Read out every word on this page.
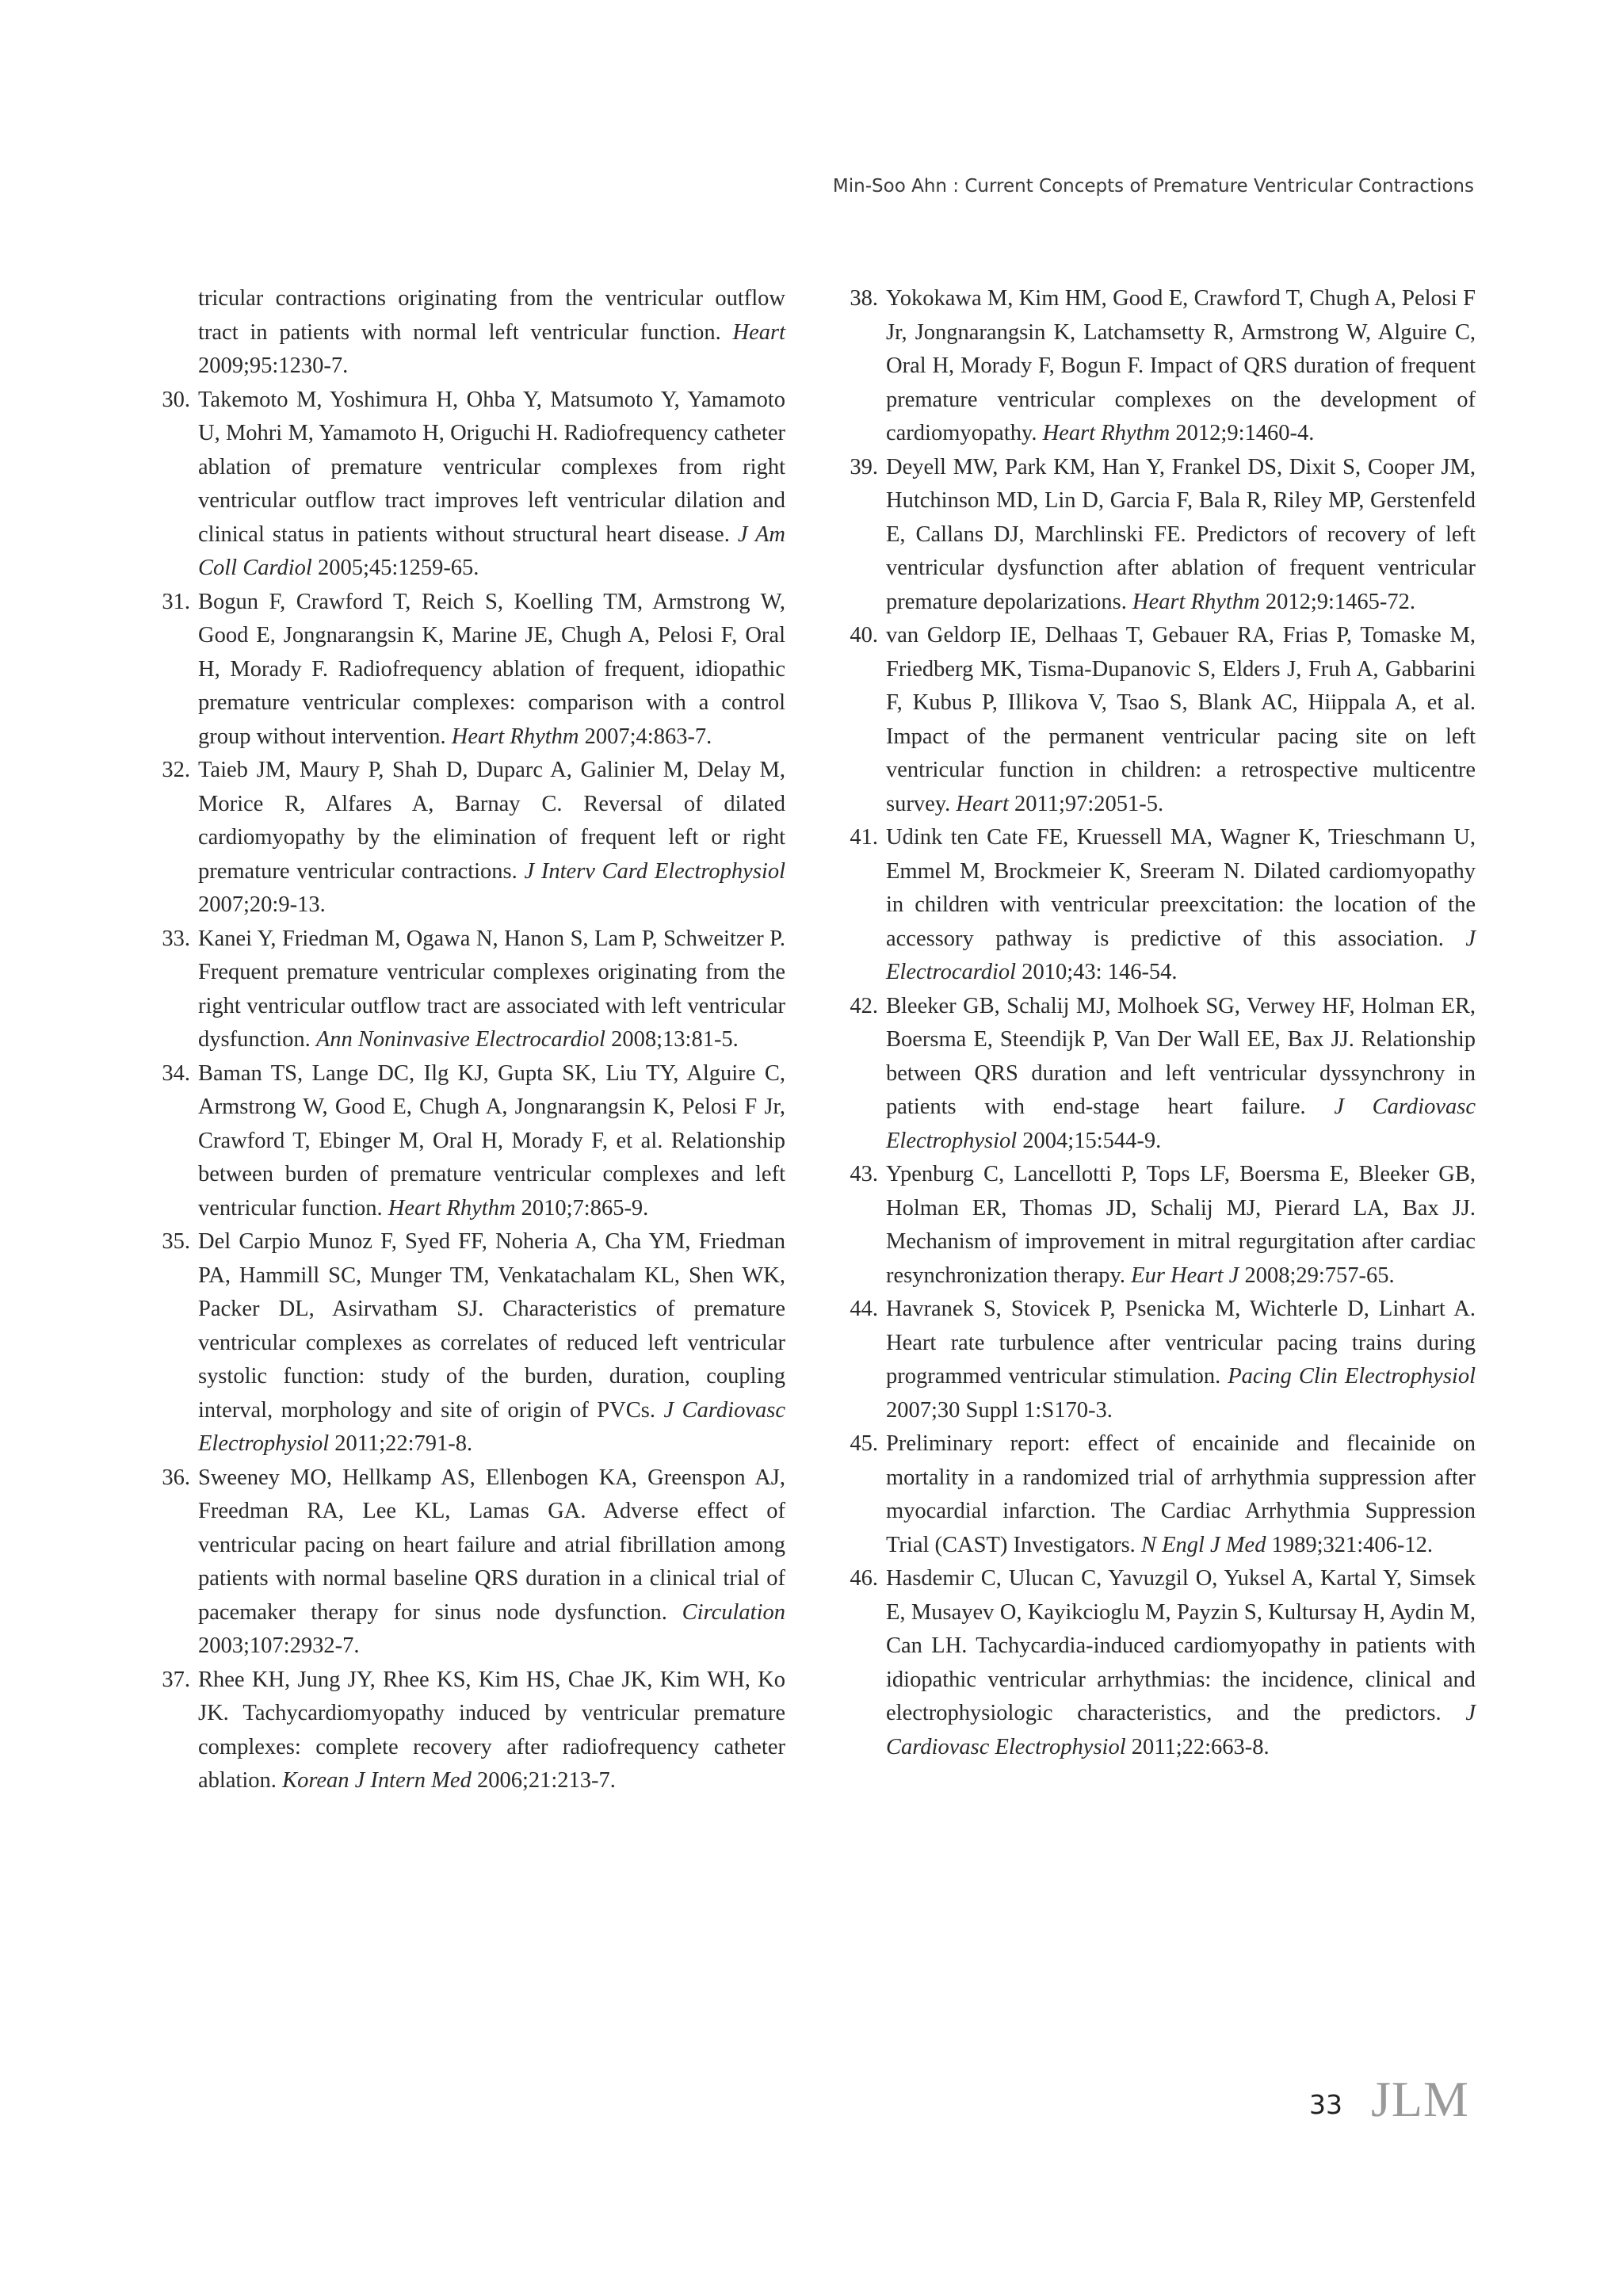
Min-Soo Ahn : Current Concepts of Premature Ventricular Contractions
tricular contractions originating from the ventricular outflow tract in patients with normal left ventricular function. Heart 2009;95:1230-7.
30. Takemoto M, Yoshimura H, Ohba Y, Matsumoto Y, Yamamoto U, Mohri M, Yamamoto H, Origuchi H. Radiofrequency catheter ablation of premature ventricular complexes from right ventricular outflow tract improves left ventricular dilation and clinical status in patients without structural heart disease. J Am Coll Cardiol 2005;45:1259-65.
31. Bogun F, Crawford T, Reich S, Koelling TM, Armstrong W, Good E, Jongnarangsin K, Marine JE, Chugh A, Pelosi F, Oral H, Morady F. Radiofrequency ablation of frequent, idiopathic premature ventricular complexes: comparison with a control group without intervention. Heart Rhythm 2007;4:863-7.
32. Taieb JM, Maury P, Shah D, Duparc A, Galinier M, Delay M, Morice R, Alfares A, Barnay C. Reversal of dilated cardiomyopathy by the elimination of frequent left or right premature ventricular contractions. J Interv Card Electrophysiol 2007;20:9-13.
33. Kanei Y, Friedman M, Ogawa N, Hanon S, Lam P, Schweitzer P. Frequent premature ventricular complexes originating from the right ventricular outflow tract are associated with left ventricular dysfunction. Ann Noninvasive Electrocardiol 2008;13:81-5.
34. Baman TS, Lange DC, Ilg KJ, Gupta SK, Liu TY, Alguire C, Armstrong W, Good E, Chugh A, Jongnarangsin K, Pelosi F Jr, Crawford T, Ebinger M, Oral H, Morady F, et al. Relationship between burden of premature ventricular complexes and left ventricular function. Heart Rhythm 2010;7:865-9.
35. Del Carpio Munoz F, Syed FF, Noheria A, Cha YM, Friedman PA, Hammill SC, Munger TM, Venkatachalam KL, Shen WK, Packer DL, Asirvatham SJ. Characteristics of premature ventricular complexes as correlates of reduced left ventricular systolic function: study of the burden, duration, coupling interval, morphology and site of origin of PVCs. J Cardiovasc Electrophysiol 2011;22:791-8.
36. Sweeney MO, Hellkamp AS, Ellenbogen KA, Greenspon AJ, Freedman RA, Lee KL, Lamas GA. Adverse effect of ventricular pacing on heart failure and atrial fibrillation among patients with normal baseline QRS duration in a clinical trial of pacemaker therapy for sinus node dysfunction. Circulation 2003;107:2932-7.
37. Rhee KH, Jung JY, Rhee KS, Kim HS, Chae JK, Kim WH, Ko JK. Tachycardiomyopathy induced by ventricular premature complexes: complete recovery after radiofrequency catheter ablation. Korean J Intern Med 2006;21:213-7.
38. Yokokawa M, Kim HM, Good E, Crawford T, Chugh A, Pelosi F Jr, Jongnarangsin K, Latchamsetty R, Armstrong W, Alguire C, Oral H, Morady F, Bogun F. Impact of QRS duration of frequent premature ventricular complexes on the development of cardiomyopathy. Heart Rhythm 2012;9:1460-4.
39. Deyell MW, Park KM, Han Y, Frankel DS, Dixit S, Cooper JM, Hutchinson MD, Lin D, Garcia F, Bala R, Riley MP, Gerstenfeld E, Callans DJ, Marchlinski FE. Predictors of recovery of left ventricular dysfunction after ablation of frequent ventricular premature depolarizations. Heart Rhythm 2012;9:1465-72.
40. van Geldorp IE, Delhaas T, Gebauer RA, Frias P, Tomaske M, Friedberg MK, Tisma-Dupanovic S, Elders J, Fruh A, Gabbarini F, Kubus P, Illikova V, Tsao S, Blank AC, Hiippala A, et al. Impact of the permanent ventricular pacing site on left ventricular function in children: a retrospective multicentre survey. Heart 2011;97:2051-5.
41. Udink ten Cate FE, Kruessell MA, Wagner K, Trieschmann U, Emmel M, Brockmeier K, Sreeram N. Dilated cardiomyopathy in children with ventricular preexcitation: the location of the accessory pathway is predictive of this association. J Electrocardiol 2010;43: 146-54.
42. Bleeker GB, Schalij MJ, Molhoek SG, Verwey HF, Holman ER, Boersma E, Steendijk P, Van Der Wall EE, Bax JJ. Relationship between QRS duration and left ventricular dyssynchrony in patients with end-stage heart failure. J Cardiovasc Electrophysiol 2004;15:544-9.
43. Ypenburg C, Lancellotti P, Tops LF, Boersma E, Bleeker GB, Holman ER, Thomas JD, Schalij MJ, Pierard LA, Bax JJ. Mechanism of improvement in mitral regurgitation after cardiac resynchronization therapy. Eur Heart J 2008;29:757-65.
44. Havranek S, Stovicek P, Psenicka M, Wichterle D, Linhart A. Heart rate turbulence after ventricular pacing trains during programmed ventricular stimulation. Pacing Clin Electrophysiol 2007;30 Suppl 1:S170-3.
45. Preliminary report: effect of encainide and flecainide on mortality in a randomized trial of arrhythmia suppression after myocardial infarction. The Cardiac Arrhythmia Suppression Trial (CAST) Investigators. N Engl J Med 1989;321:406-12.
46. Hasdemir C, Ulucan C, Yavuzgil O, Yuksel A, Kartal Y, Simsek E, Musayev O, Kayikcioglu M, Payzin S, Kultursay H, Aydin M, Can LH. Tachycardia-induced cardiomyopathy in patients with idiopathic ventricular arrhythmias: the incidence, clinical and electrophysiologic characteristics, and the predictors. J Cardiovasc Electrophysiol 2011;22:663-8.
33 JLM
